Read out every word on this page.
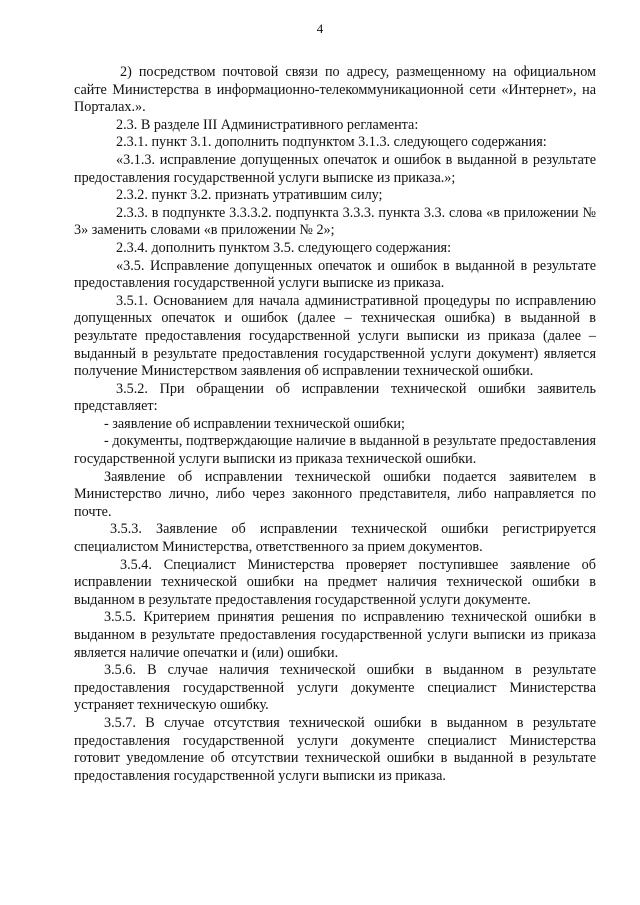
4

2) посредством почтовой связи по адресу, размещенному на официальном сайте Министерства в информационно-телекоммуникационной сети «Интернет», на Порталах.».

2.3. В разделе III Административного регламента:

2.3.1. пункт 3.1. дополнить подпунктом 3.1.3. следующего содержания:

«3.1.3. исправление допущенных опечаток и ошибок в выданной в результате предоставления государственной услуги выписке из приказа.»;

2.3.2. пункт 3.2. признать утратившим силу;

2.3.3. в подпункте 3.3.3.2. подпункта 3.3.3. пункта 3.3. слова «в приложении № 3» заменить словами «в приложении № 2»;

2.3.4. дополнить пунктом 3.5. следующего содержания:

«3.5. Исправление допущенных опечаток и ошибок в выданной в результате предоставления государственной услуги выписке из приказа.

3.5.1. Основанием для начала административной процедуры по исправлению допущенных опечаток и ошибок (далее – техническая ошибка) в выданной в результате предоставления государственной услуги выписки из приказа (далее – выданный в результате предоставления государственной услуги документ) является получение Министерством заявления об исправлении технической ошибки.

3.5.2. При обращении об исправлении технической ошибки заявитель представляет:

- заявление об исправлении технической ошибки;

- документы, подтверждающие наличие в выданной в результате предоставления государственной услуги выписки из приказа технической ошибки.

Заявление об исправлении технической ошибки подается заявителем в Министерство лично, либо через законного представителя, либо направляется по почте.

3.5.3. Заявление об исправлении технической ошибки регистрируется специалистом Министерства, ответственного за прием документов.

3.5.4. Специалист Министерства проверяет поступившее заявление об исправлении технической ошибки на предмет наличия технической ошибки в выданном в результате предоставления государственной услуги документе.

3.5.5. Критерием принятия решения по исправлению технической ошибки в выданном в результате предоставления государственной услуги выписки из приказа является наличие опечатки и (или) ошибки.

3.5.6. В случае наличия технической ошибки в выданном в результате предоставления государственной услуги документе специалист Министерства устраняет техническую ошибку.

3.5.7. В случае отсутствия технической ошибки в выданном в результате предоставления государственной услуги документе специалист Министерства готовит уведомление об отсутствии технической ошибки в выданной в результате предоставления государственной услуги выписки из приказа.
